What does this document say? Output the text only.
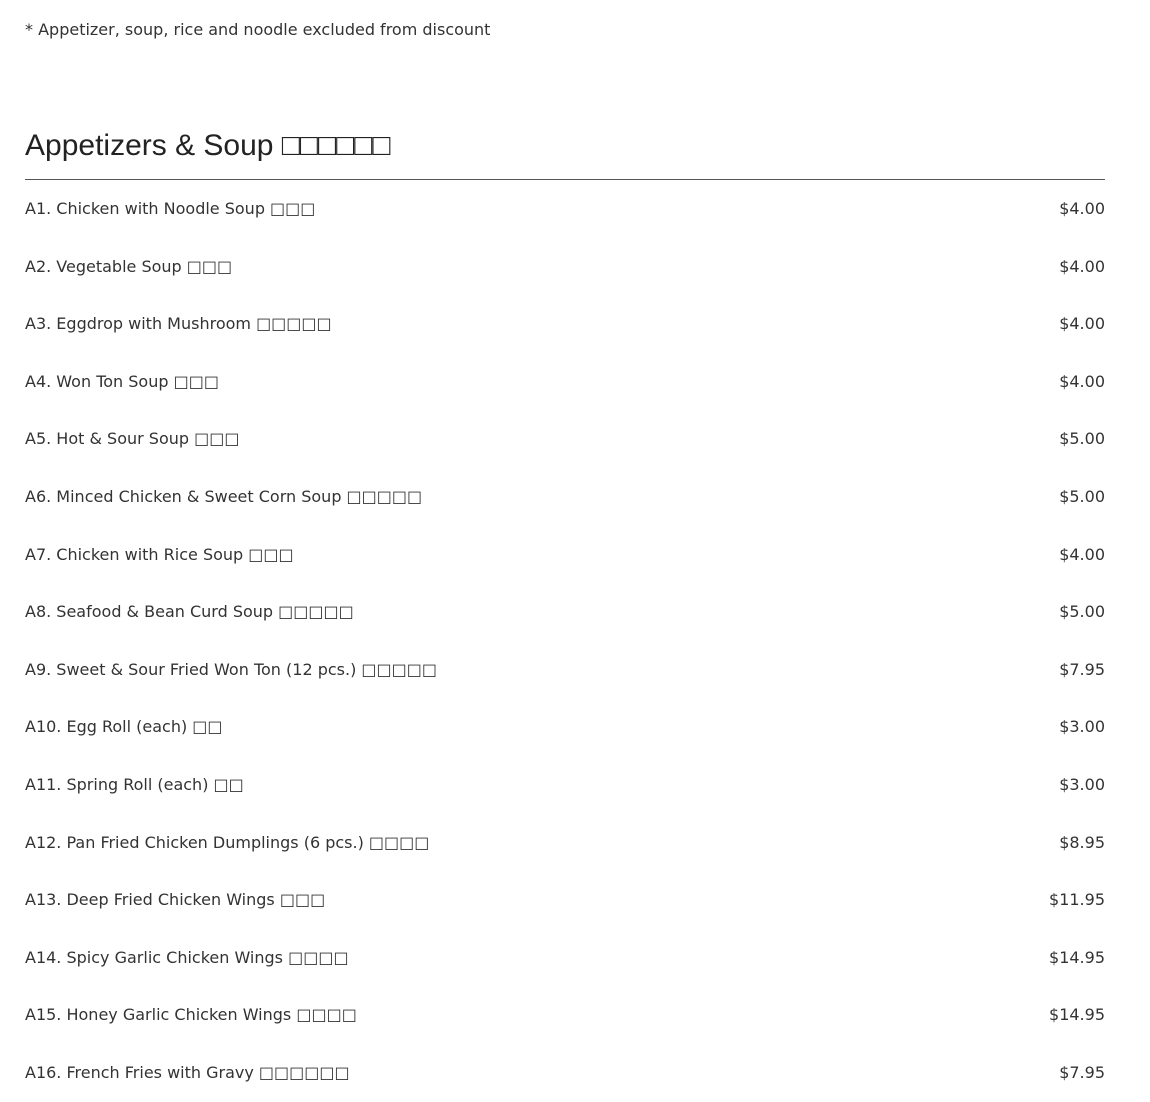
* Appetizer, soup, rice and noodle excluded from discount
Appetizers & Soup □□□□□□
A1. Chicken with Noodle Soup □□□	$4.00
A2. Vegetable Soup □□□	$4.00
A3. Eggdrop with Mushroom □□□□□	$4.00
A4. Won Ton Soup □□□	$4.00
A5. Hot & Sour Soup □□□	$5.00
A6. Minced Chicken & Sweet Corn Soup □□□□□	$5.00
A7. Chicken with Rice Soup □□□	$4.00
A8. Seafood & Bean Curd Soup □□□□□	$5.00
A9. Sweet & Sour Fried Won Ton (12 pcs.) □□□□□	$7.95
A10. Egg Roll (each) □□	$3.00
A11. Spring Roll (each) □□	$3.00
A12. Pan Fried Chicken Dumplings (6 pcs.) □□□□	$8.95
A13. Deep Fried Chicken Wings □□□	$11.95
A14. Spicy Garlic Chicken Wings □□□□	$14.95
A15. Honey Garlic Chicken Wings □□□□	$14.95
A16. French Fries with Gravy □□□□□□	$7.95
